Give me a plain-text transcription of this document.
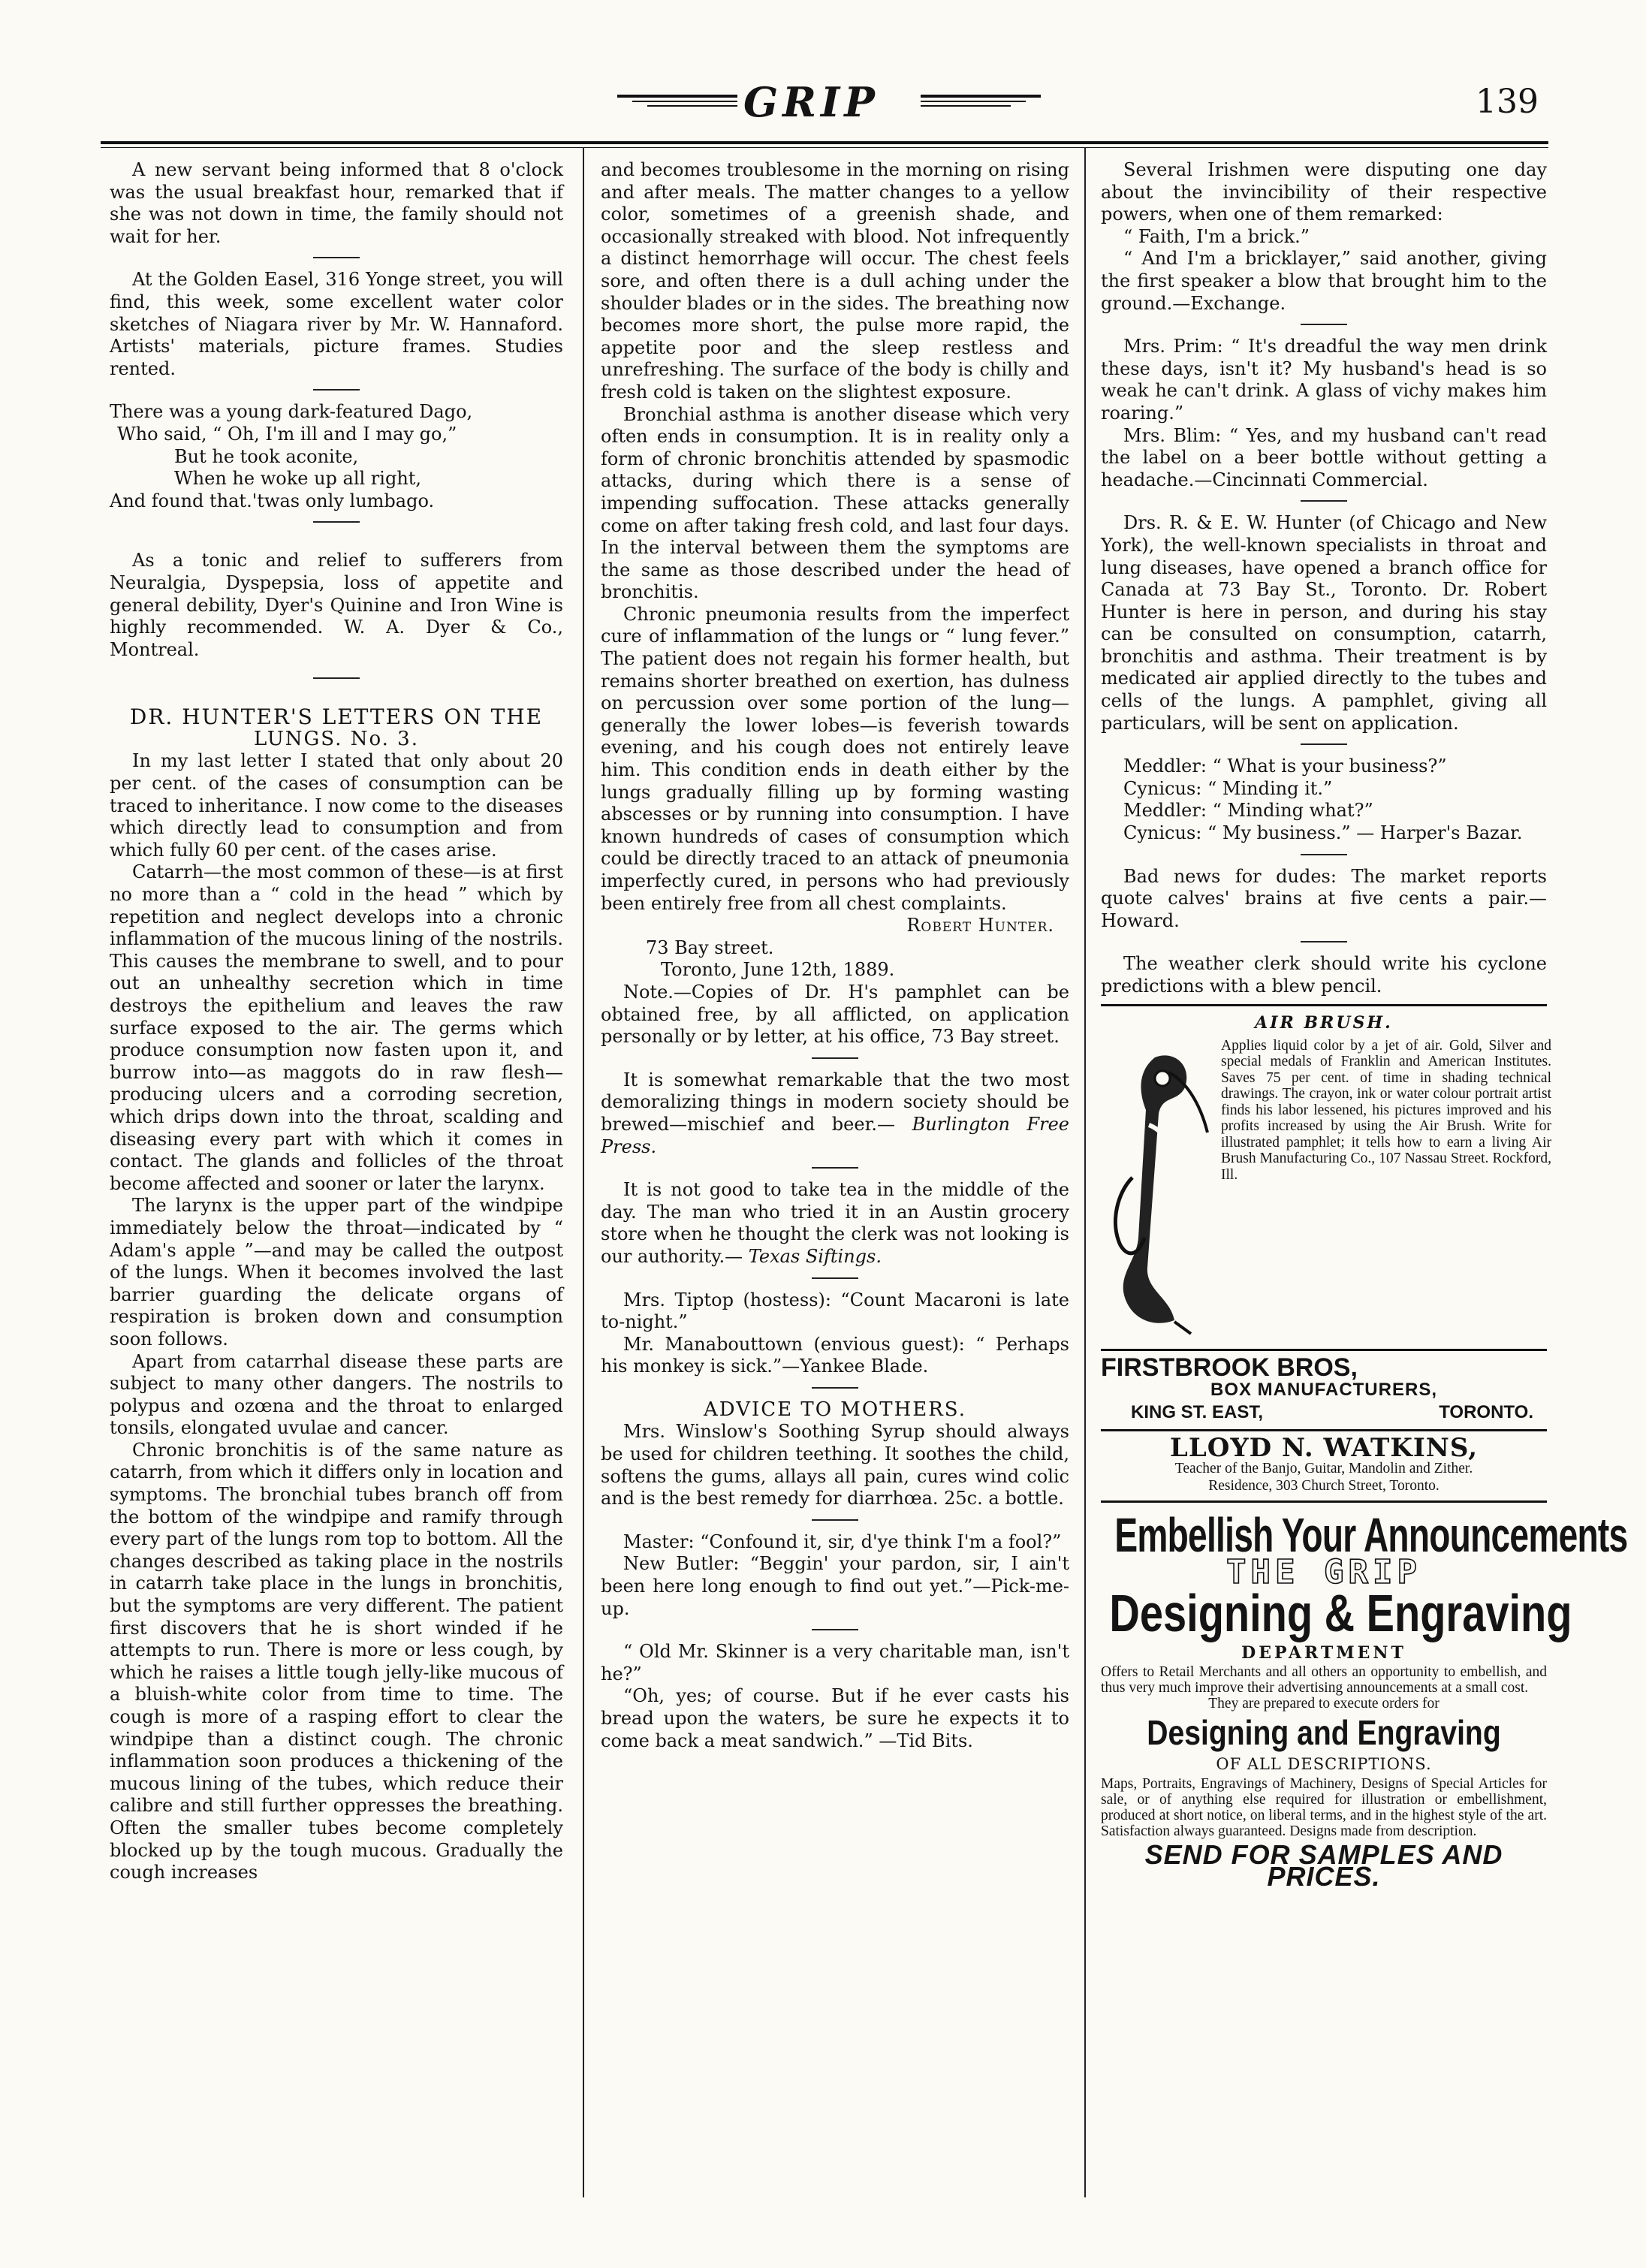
GRIP	139

A new servant being informed that 8 o'clock was the usual breakfast hour, remarked that if she was not down in time, the family should not wait for her.

At the Golden Easel, 316 Yonge street, you will find, this week, some excellent water color sketches of Niagara river by Mr. W. Hannaford. Artists' materials, picture frames. Studies rented.

There was a young dark-featured Dago,

Who said, “ Oh, I'm ill and I may go,”

But he took aconite,

When he woke up all right,

And found that.'twas only lumbago.

As a tonic and relief to sufferers from Neuralgia, Dyspepsia, loss of appetite and general debility, Dyer's Quinine and Iron Wine is highly recommended. W. A. Dyer & Co., Montreal.

DR. HUNTER'S LETTERS ON THE

LUNGS. No. 3.

In my last letter I stated that only about 20 per cent. of the cases of consumption can be traced to inheritance. I now come to the diseases which directly lead to consumption and from which fully 60 per cent. of the cases arise.

Catarrh—the most common of these—is at first no more than a “ cold in the head ” which by repetition and neglect develops into a chronic inflammation of the mucous lining of the nostrils. This causes the membrane to swell, and to pour out an unhealthy secretion which in time destroys the epithelium and leaves the raw surface exposed to the air. The germs which produce consumption now fasten upon it, and burrow into—as maggots do in raw flesh—producing ulcers and a corroding secretion, which drips down into the throat, scalding and diseasing every part with which it comes in contact. The glands and follicles of the throat become affected and sooner or later the larynx.

The larynx is the upper part of the windpipe immediately below the throat—indicated by “ Adam's apple ”—and may be called the outpost of the lungs. When it becomes involved the last barrier guarding the delicate organs of respiration is broken down and consumption soon follows.

Apart from catarrhal disease these parts are subject to many other dangers. The nostrils to polypus and ozœna and the throat to enlarged tonsils, elongated uvulae and cancer.

Chronic bronchitis is of the same nature as catarrh, from which it differs only in location and symptoms. The bronchial tubes branch off from the bottom of the windpipe and ramify through every part of the lungs rom top to bottom. All the changes described as taking place in the nostrils in catarrh take place in the lungs in bronchitis, but the symptoms are very different. The patient first discovers that he is short winded if he attempts to run. There is more or less cough, by which he raises a little tough jelly-like mucous of a bluish-white color from time to time. The cough is more of a rasping effort to clear the windpipe than a distinct cough. The chronic inflammation soon produces a thickening of the mucous lining of the tubes, which reduce their calibre and still further oppresses the breathing. Often the smaller tubes become completely blocked up by the tough mucous. Gradually the cough increases

and becomes troublesome in the morning on rising and after meals. The matter changes to a yellow color, sometimes of a greenish shade, and occasionally streaked with blood. Not infrequently a distinct hemorrhage will occur. The chest feels sore, and often there is a dull aching under the shoulder blades or in the sides. The breathing now becomes more short, the pulse more rapid, the appetite poor and the sleep restless and unrefreshing. The surface of the body is chilly and fresh cold is taken on the slightest exposure.

Bronchial asthma is another disease which very often ends in consumption. It is in reality only a form of chronic bronchitis attended by spasmodic attacks, during which there is a sense of impending suffocation. These attacks generally come on after taking fresh cold, and last four days. In the interval between them the symptoms are the same as those described under the head of bronchitis.

Chronic pneumonia results from the imperfect cure of inflammation of the lungs or “ lung fever.” The patient does not regain his former health, but remains shorter breathed on exertion, has dulness on percussion over some portion of the lung—generally the lower lobes—is feverish towards evening, and his cough does not entirely leave him. This condition ends in death either by the lungs gradually filling up by forming wasting abscesses or by running into consumption. I have known hundreds of cases of consumption which could be directly traced to an attack of pneumonia imperfectly cured, in persons who had previously been entirely free from all chest complaints.

Robert Hunter.

73 Bay street.

Toronto, June 12th, 1889.

Note.—Copies of Dr. H's pamphlet can be obtained free, by all afflicted, on application personally or by letter, at his office, 73 Bay street.

It is somewhat remarkable that the two most demoralizing things in modern society should be brewed—mischief and beer.— Burlington Free Press.

It is not good to take tea in the middle of the day. The man who tried it in an Austin grocery store when he thought the clerk was not looking is our authority.— Texas Siftings.

Mrs. Tiptop (hostess): “Count Macaroni is late to-night.”

Mr. Manabouttown (envious guest): “ Perhaps his monkey is sick.”—Yankee Blade.

ADVICE TO MOTHERS.

Mrs. Winslow's Soothing Syrup should always be used for children teething. It soothes the child, softens the gums, allays all pain, cures wind colic and is the best remedy for diarrhœa. 25c. a bottle.

Master: “Confound it, sir, d'ye think I'm a fool?”

New Butler: “Beggin' your pardon, sir, I ain't been here long enough to find out yet.”—Pick-me-up.

“ Old Mr. Skinner is a very charitable man, isn't he?”

“Oh, yes; of course. But if he ever casts his bread upon the waters, be sure he expects it to come back a meat sandwich.” —Tid Bits.

Several Irishmen were disputing one day about the invincibility of their respective powers, when one of them remarked:

“ Faith, I'm a brick.”

“ And I'm a bricklayer,” said another, giving the first speaker a blow that brought him to the ground.—Exchange.

Mrs. Prim: “ It's dreadful the way men drink these days, isn't it? My husband's head is so weak he can't drink. A glass of vichy makes him roaring.”

Mrs. Blim: “ Yes, and my husband can't read the label on a beer bottle without getting a headache.—Cincinnati Commercial.

Drs. R. & E. W. Hunter (of Chicago and New York), the well-known specialists in throat and lung diseases, have opened a branch office for Canada at 73 Bay St., Toronto. Dr. Robert Hunter is here in person, and during his stay can be consulted on consumption, catarrh, bronchitis and asthma. Their treatment is by medicated air applied directly to the tubes and cells of the lungs. A pamphlet, giving all particulars, will be sent on application.

Meddler: “ What is your business?”

Cynicus: “ Minding it.”

Meddler: “ Minding what?”

Cynicus: “ My business.” — Harper's Bazar.

Bad news for dudes: The market reports quote calves' brains at five cents a pair.—Howard.

The weather clerk should write his cyclone predictions with a blew pencil.

AIR BRUSH.
Applies liquid color by a jet of air. Gold, Silver and special medals of Franklin and American Institutes. Saves 75 per cent. of time in shading technical drawings. The crayon, ink or water colour portrait artist finds his labor lessened, his pictures improved and his profits increased by using the Air Brush. Write for illustrated pamphlet; it tells how to earn a living Air Brush Manufacturing Co., 107 Nassau Street. Rockford, Ill.
FIRSTBROOK BROS,
BOX MANUFACTURERS,
KING ST. EAST,	TORONTO.
LLOYD N. WATKINS,
Teacher of the Banjo, Guitar, Mandolin and Zither.
Residence, 303 Church Street, Toronto.
Embellish Your Announcements
THE GRIP
Designing & Engraving
DEPARTMENT
Offers to Retail Merchants and all others an opportunity to embellish, and thus very much improve their advertising announcements at a small cost.
They are prepared to execute orders for
Designing and Engraving
OF ALL DESCRIPTIONS.
Maps, Portraits, Engravings of Machinery, Designs of Special Articles for sale, or of anything else required for illustration or embellishment, produced at short notice, on liberal terms, and in the highest style of the art. Satisfaction always guaranteed. Designs made from description.
SEND FOR SAMPLES AND PRICES.
